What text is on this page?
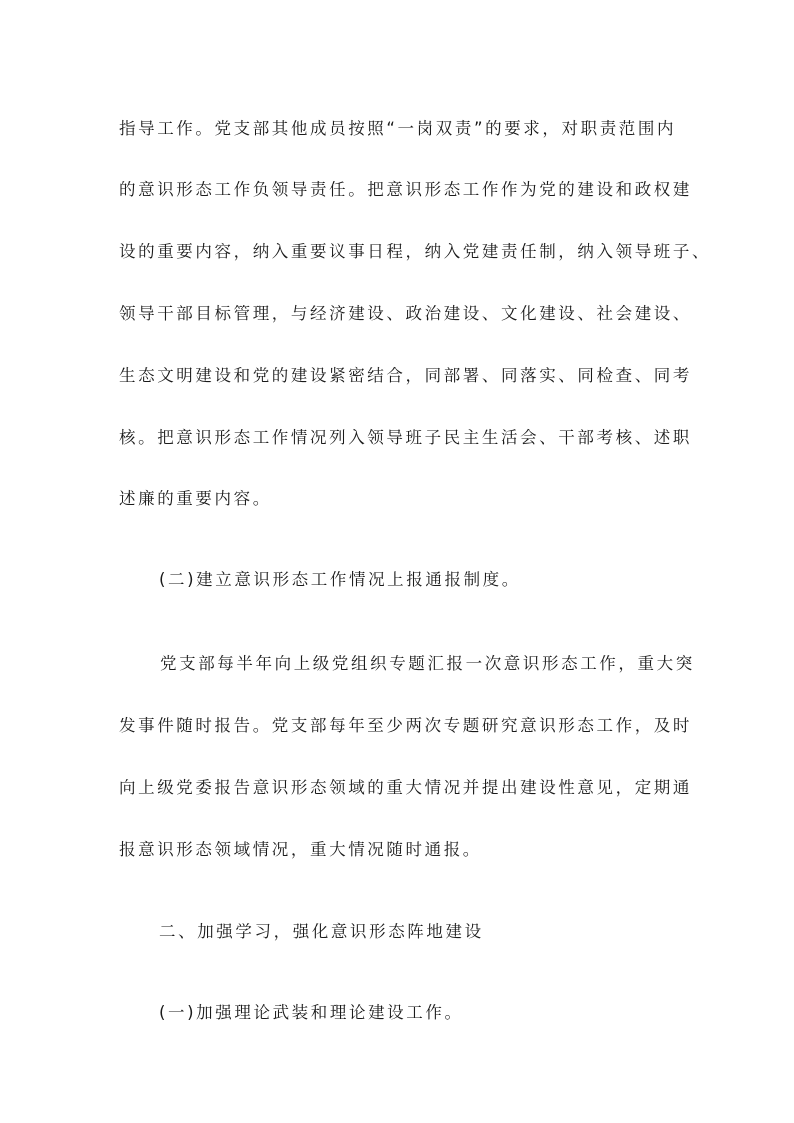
指导工作。党支部其他成员按照“一岗双责”的要求，对职责范围内
的意识形态工作负领导责任。把意识形态工作作为党的建设和政权建
设的重要内容，纳入重要议事日程，纳入党建责任制，纳入领导班子、
领导干部目标管理，与经济建设、政治建设、文化建设、社会建设、
生态文明建设和党的建设紧密结合，同部署、同落实、同检查、同考
核。把意识形态工作情况列入领导班子民主生活会、干部考核、述职
述廉的重要内容。
(二)建立意识形态工作情况上报通报制度。
党支部每半年向上级党组织专题汇报一次意识形态工作，重大突
发事件随时报告。党支部每年至少两次专题研究意识形态工作，及时
向上级党委报告意识形态领域的重大情况并提出建设性意见，定期通
报意识形态领域情况，重大情况随时通报。
二、加强学习，强化意识形态阵地建设
(一)加强理论武装和理论建设工作。
